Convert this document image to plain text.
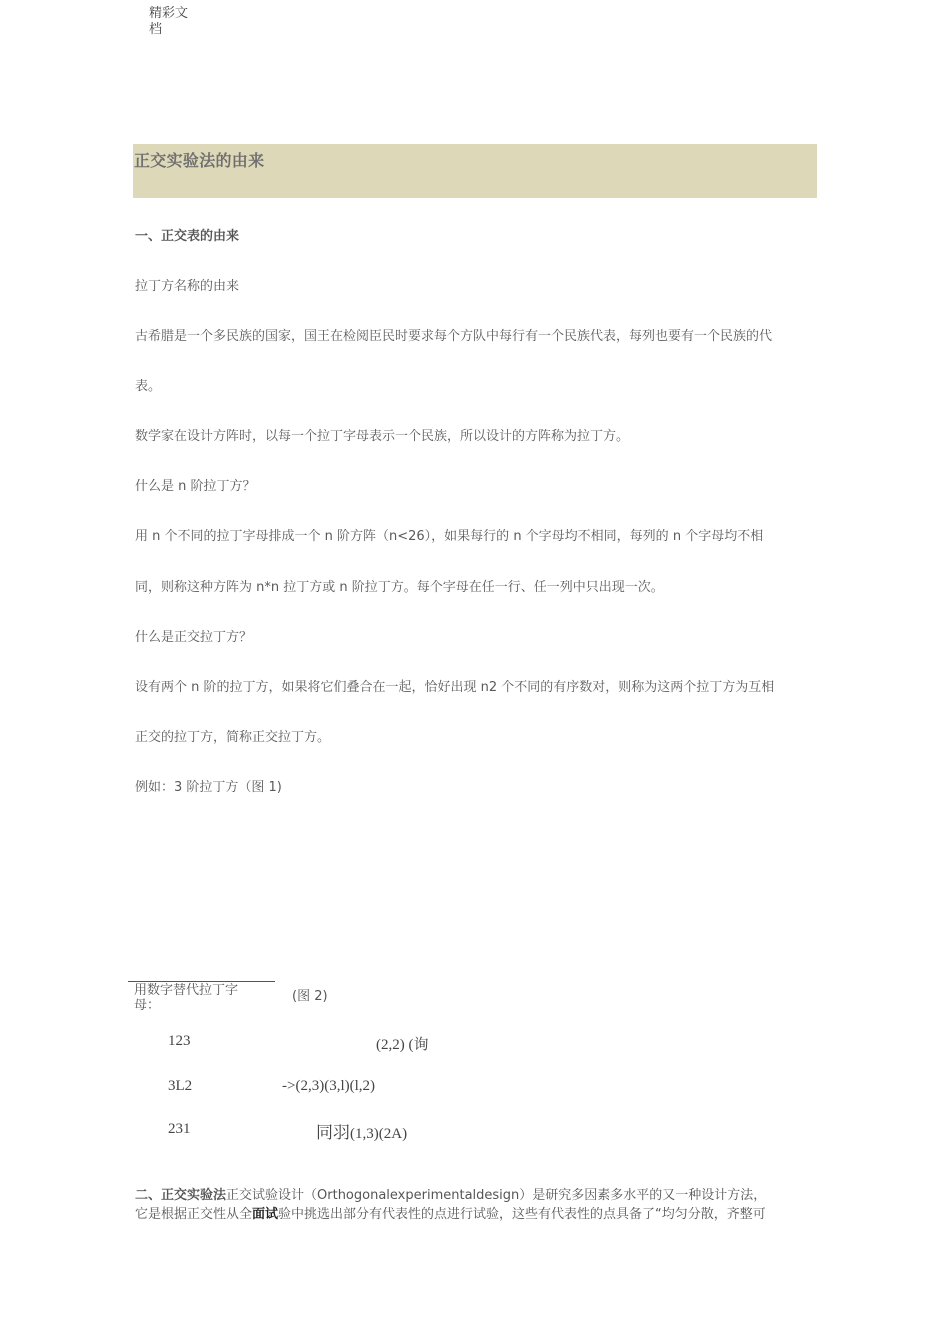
精彩文
档
正交实验法的由来
一、正交表的由来
拉丁方名称的由来
古希腊是一个多民族的国家，国王在检阅臣民时要求每个方队中每行有一个民族代表，每列也要有一个民族的代
表。
数学家在设计方阵时，以每一个拉丁字母表示一个民族，所以设计的方阵称为拉丁方。
什么是 n 阶拉丁方？
用 n 个不同的拉丁字母排成一个 n 阶方阵（n<26），如果每行的 n 个字母均不相同，每列的 n 个字母均不相
同，则称这种方阵为 n*n 拉丁方或 n 阶拉丁方。每个字母在任一行、任一列中只出现一次。
什么是正交拉丁方？
设有两个 n 阶的拉丁方，如果将它们叠合在一起，恰好出现 n2 个不同的有序数对，则称为这两个拉丁方为互相
正交的拉丁方，简称正交拉丁方。
例如：3 阶拉丁方（图 1)
用数字替代拉丁字母：
(图 2)
123	(2,2) (询
3L2	->(2,3)(3,l)(l,2)
231	同羽(1,3)(2A)
二、正交实验法正交试验设计（Orthogonalexperimentaldesign）是研究多因素多水平的又一种设计方法，
它是根据正交性从全面试验中挑选出部分有代表性的点进行试验，这些有代表性的点具备了“均匀分散，齐整可
